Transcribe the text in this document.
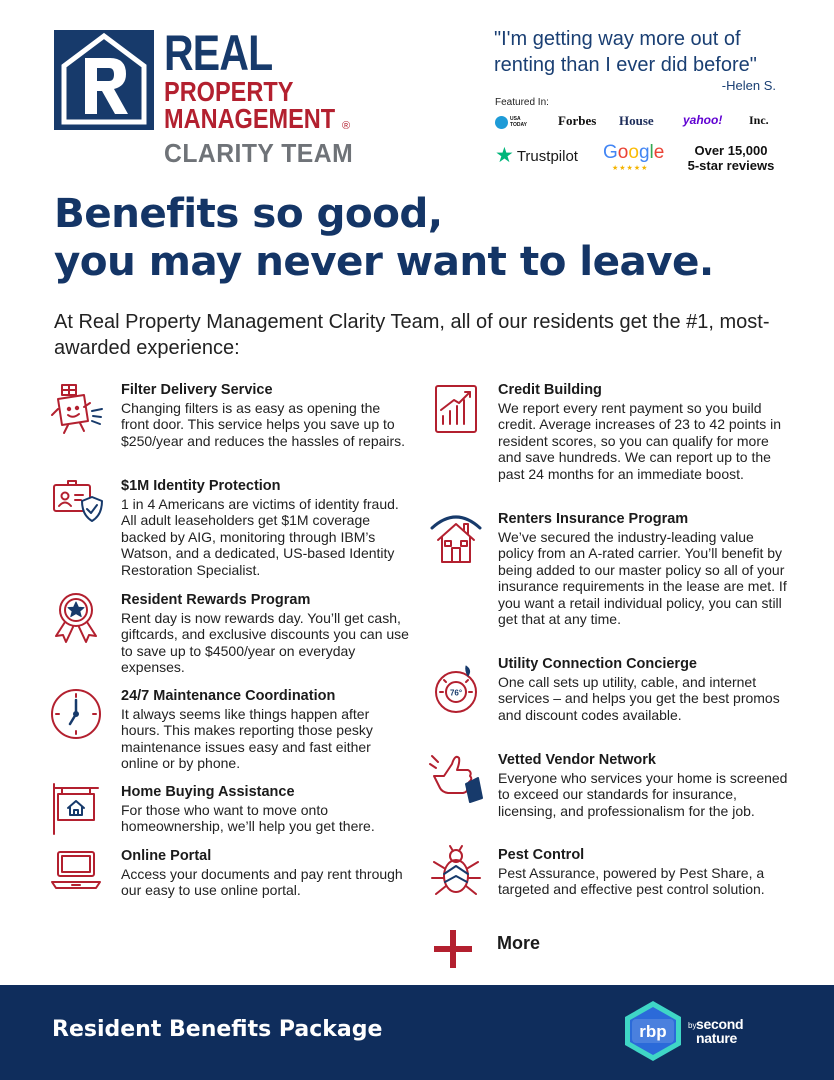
REAL
PROPERTY
MANAGEMENT ®
CLARITY TEAM
"I'm getting way more out of
renting than I ever did before"
-Helen S.
Featured In:
USA
TODAY Forbes House yahoo! Inc.
★ Trustpilot Google
★★★★★
Over 15,000
5-star reviews
Benefits so good,
you may never want to leave.
At Real Property Management Clarity Team, all of our residents get the #1, most-awarded experience:
Filter Delivery Service
Changing filters is as easy as opening the front door. This service helps you save up to $250/year and reduces the hassles of repairs.
$1M Identity Protection
1 in 4 Americans are victims of identity fraud. All adult leaseholders get $1M coverage backed by AIG, monitoring through IBM’s Watson, and a dedicated, US-based Identity Restoration Specialist.
Resident Rewards Program
Rent day is now rewards day. You’ll get cash, giftcards, and exclusive discounts you can use to save up to $4500/year on everyday expenses.
24/7 Maintenance Coordination
It always seems like things happen after hours. This makes reporting those pesky maintenance issues easy and fast either online or by phone.
Home Buying Assistance
For those who want to move onto homeownership, we’ll help you get there.
Online Portal
Access your documents and pay rent through our easy to use online portal.
Credit Building
We report every rent payment so you build credit. Average increases of 23 to 42 points in resident scores, so you can qualify for more and save hundreds. We can report up to the past 24 months for an immediate boost.
Renters Insurance Program
We’ve secured the industry-leading value policy from an A-rated carrier. You’ll benefit by being added to our master policy so all of your insurance requirements in the lease are met. If you want a retail individual policy, you can still get that at any time.
76°
Utility Connection Concierge
One call sets up utility, cable, and internet services – and helps you get the best promos and discount codes available.
Vetted Vendor Network
Everyone who services your home is screened to exceed our standards for insurance, licensing, and professionalism for the job.
Pest Control
Pest Assurance, powered by Pest Share, a targeted and effective pest control solution.
More
Resident Benefits Package	rbp	by second
nature
